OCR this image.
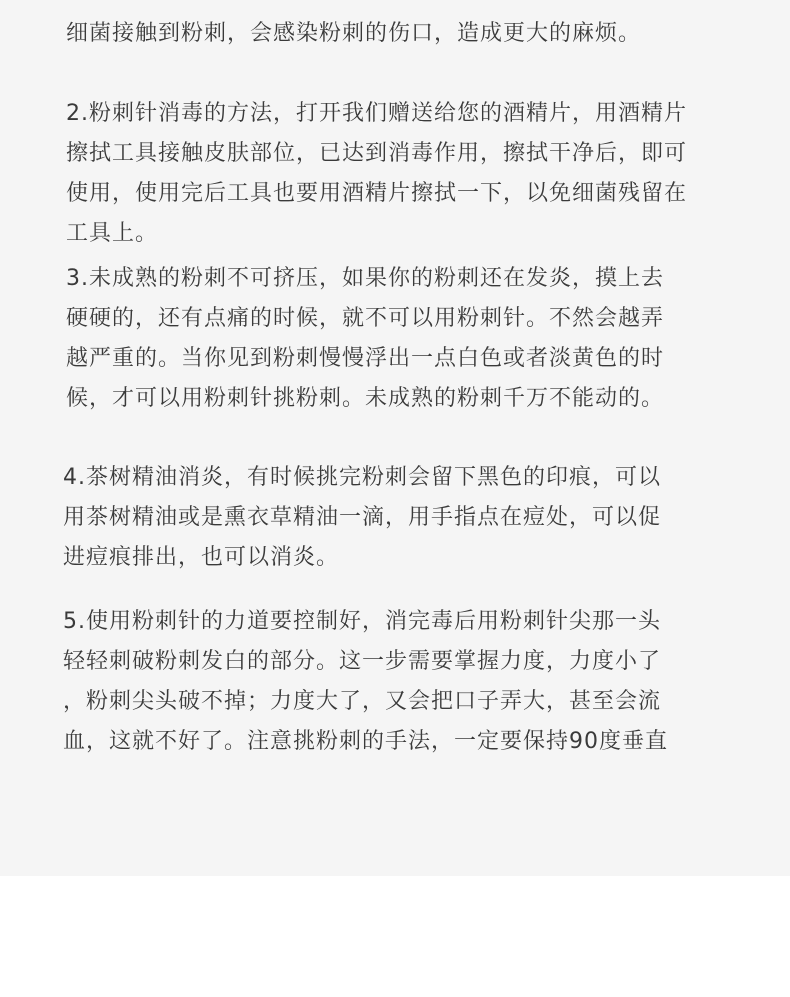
细菌接触到粉刺，会感染粉刺的伤口，造成更大的麻烦。

2.粉刺针消毒的方法，打开我们赠送给您的酒精片，用酒精片

擦拭工具接触皮肤部位，已达到消毒作用，擦拭干净后，即可

使用，使用完后工具也要用酒精片擦拭一下，以免细菌残留在

工具上。

3.未成熟的粉刺不可挤压，如果你的粉刺还在发炎，摸上去

硬硬的，还有点痛的时候，就不可以用粉刺针。不然会越弄

越严重的。当你见到粉刺慢慢浮出一点白色或者淡黄色的时

候，才可以用粉刺针挑粉刺。未成熟的粉刺千万不能动的。

4.茶树精油消炎，有时候挑完粉刺会留下黑色的印痕，可以

用茶树精油或是熏衣草精油一滴，用手指点在痘处，可以促

进痘痕排出，也可以消炎。

5.使用粉刺针的力道要控制好，消完毒后用粉刺针尖那一头

轻轻刺破粉刺发白的部分。这一步需要掌握力度，力度小了

，粉刺尖头破不掉；力度大了，又会把口子弄大，甚至会流

血，这就不好了。注意挑粉刺的手法，一定要保持90度垂直
